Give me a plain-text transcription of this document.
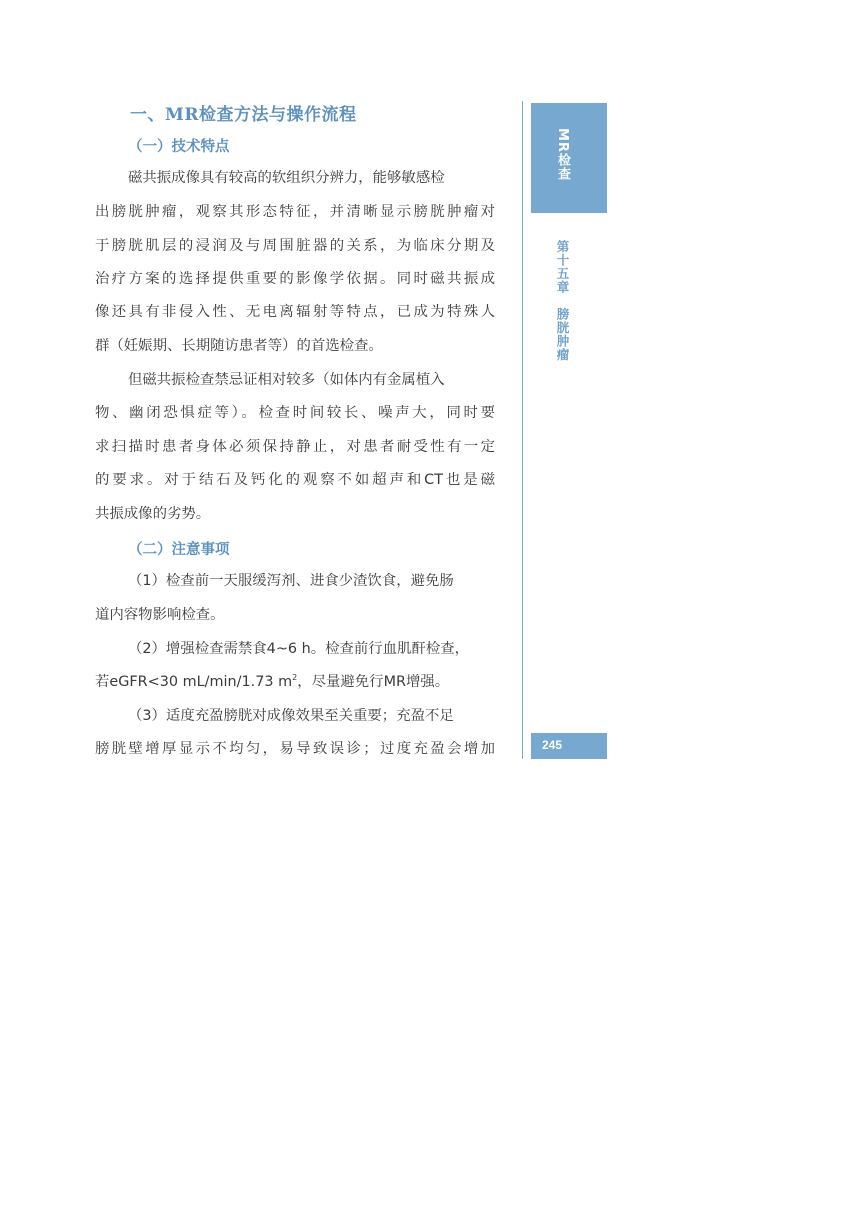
一、MR检查方法与操作流程
（一）技术特点
磁共振成像具有较高的软组织分辨力，能够敏感检
出膀胱肿瘤，观察其形态特征，并清晰显示膀胱肿瘤对
于膀胱肌层的浸润及与周围脏器的关系，为临床分期及
治疗方案的选择提供重要的影像学依据。同时磁共振成
像还具有非侵入性、无电离辐射等特点，已成为特殊人
群（妊娠期、长期随访患者等）的首选检查。
但磁共振检查禁忌证相对较多（如体内有金属植入
物、幽闭恐惧症等）。检查时间较长、噪声大，同时要
求扫描时患者身体必须保持静止，对患者耐受性有一定
的要求。对于结石及钙化的观察不如超声和CT也是磁
共振成像的劣势。
（二）注意事项
（1）检查前一天服缓泻剂、进食少渣饮食，避免肠
道内容物影响检查。
（2）增强检查需禁食4~6 h。检查前行血肌酐检查，
若eGFR<30 mL/min/1.73 $m^2$，尽量避免行MR增强。
（3）适度充盈膀胱对成像效果至关重要；充盈不足
膀胱壁增厚显示不均匀，易导致误诊；过度充盈会增加
MR检查
第十五章　膀胱肿瘤
245
